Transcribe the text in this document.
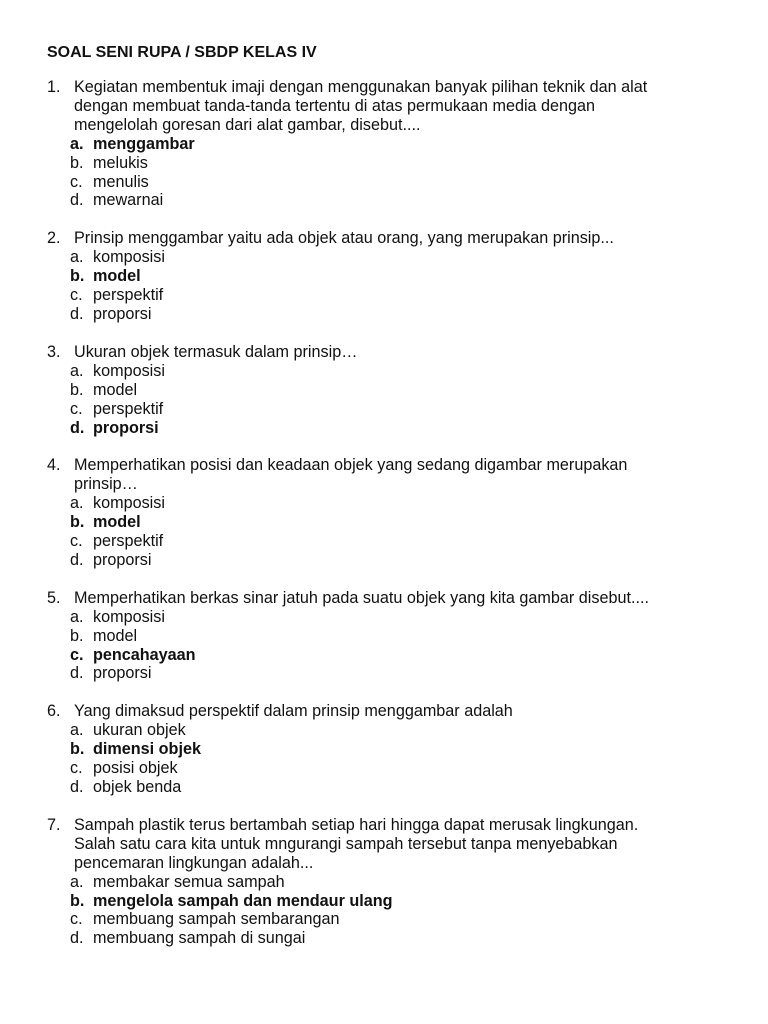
SOAL SENI RUPA / SBDP KELAS IV
1. Kegiatan membentuk imaji dengan menggunakan banyak pilihan teknik dan alat
dengan membuat tanda-tanda tertentu di atas permukaan media dengan
mengelolah goresan dari alat gambar, disebut....
a. menggambar
b. melukis
c. menulis
d. mewarnai
2. Prinsip menggambar yaitu ada objek atau orang, yang merupakan prinsip...
a. komposisi
b. model
c. perspektif
d. proporsi
3. Ukuran objek termasuk dalam prinsip…
a. komposisi
b. model
c. perspektif
d. proporsi
4. Memperhatikan posisi dan keadaan objek yang sedang digambar merupakan
prinsip…
a. komposisi
b. model
c. perspektif
d. proporsi
5. Memperhatikan berkas sinar jatuh pada suatu objek yang kita gambar disebut....
a. komposisi
b. model
c. pencahayaan
d. proporsi
6. Yang dimaksud perspektif dalam prinsip menggambar adalah
a. ukuran objek
b. dimensi objek
c. posisi objek
d. objek benda
7. Sampah plastik terus bertambah setiap hari hingga dapat merusak lingkungan.
Salah satu cara kita untuk mngurangi sampah tersebut tanpa menyebabkan
pencemaran lingkungan adalah...
a. membakar semua sampah
b. mengelola sampah dan mendaur ulang
c. membuang sampah sembarangan
d. membuang sampah di sungai
